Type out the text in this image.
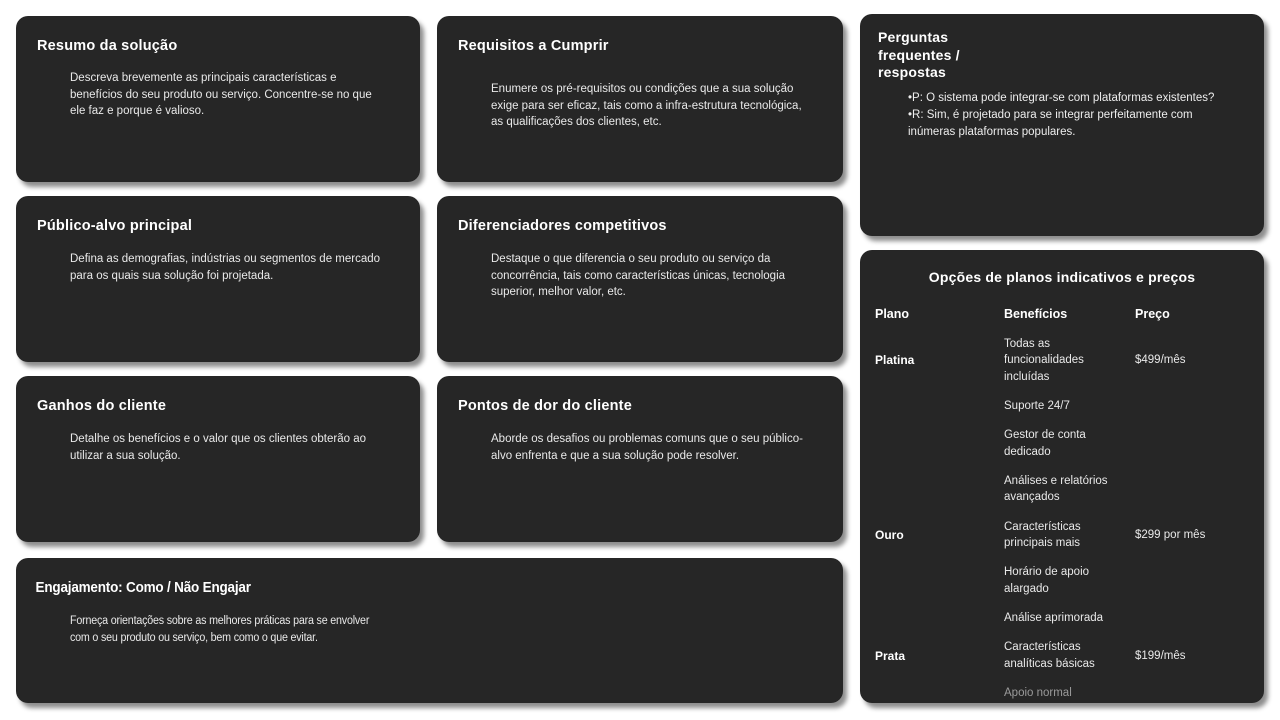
Resumo da solução
Descreva brevemente as principais características e benefícios do seu produto ou serviço. Concentre-se no que ele faz e porque é valioso.
Requisitos a Cumprir
Enumere os pré-requisitos ou condições que a sua solução exige para ser eficaz, tais como a infra-estrutura tecnológica, as qualificações dos clientes, etc.
Público-alvo principal
Defina as demografias, indústrias ou segmentos de mercado para os quais sua solução foi projetada.
Diferenciadores competitivos
Destaque o que diferencia o seu produto ou serviço da concorrência, tais como características únicas, tecnologia superior, melhor valor, etc.
Ganhos do cliente
Detalhe os benefícios e o valor que os clientes obterão ao utilizar a sua solução.
Pontos de dor do cliente
Aborde os desafios ou problemas comuns que o seu público-alvo enfrenta e que a sua solução pode resolver.
Engajamento: Como / Não Engajar
Forneça orientações sobre as melhores práticas para se envolver com o seu produto ou serviço, bem como o que evitar.
Perguntas frequentes / respostas

•P: O sistema pode integrar-se com plataformas existentes?

•R: Sim, é projetado para se integrar perfeitamente com inúmeras plataformas populares.

Opções de planos indicativos e preços
Plano	Benefícios	Preço
Platina
Todas as funcionalidades incluídas
$499/mês
Suporte 24/7
Gestor de conta dedicado
Análises e relatórios avançados
Ouro
Características principais mais
$299 por mês
Horário de apoio alargado
Análise aprimorada
Prata
Características analíticas básicas
$199/mês
Apoio normal
